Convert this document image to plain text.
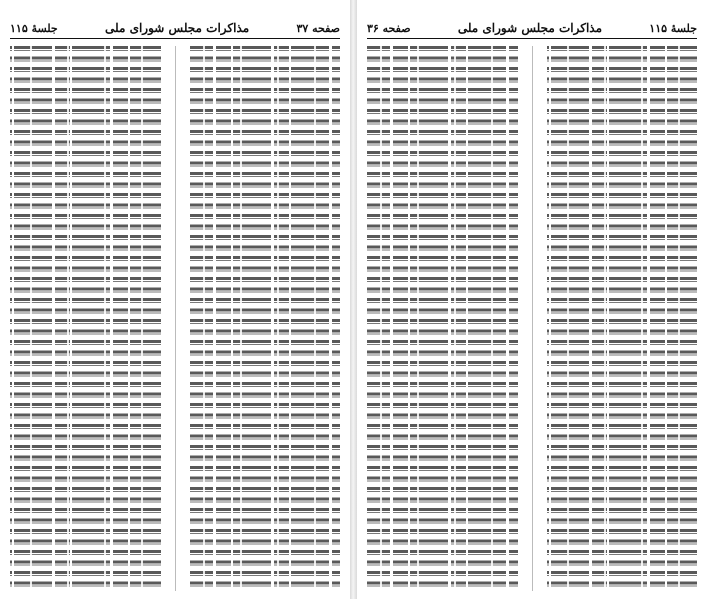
صفحه ۳۷
مذاکرات مجلس شورای ملی
جلسهٔ ۱۱۵	جلسهٔ ۱۱۵
مذاکرات مجلس شورای ملی
صفحه ۳۶
